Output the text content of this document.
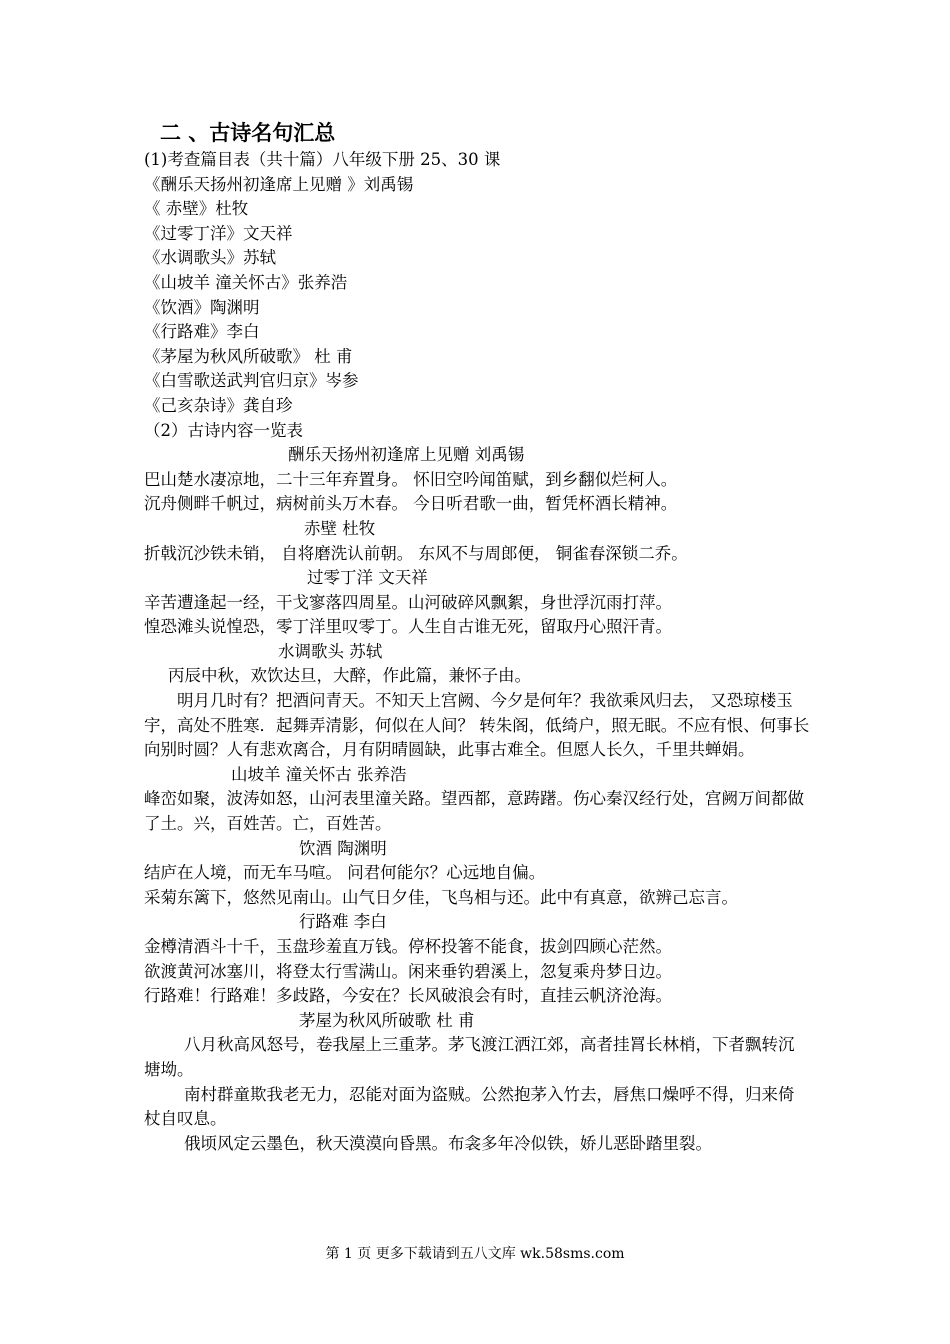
二 、古诗名句汇总

(1)考查篇目表（共十篇）八年级下册 25、30 课

《酬乐天扬州初逢席上见赠 》刘禹锡

《 赤壁》杜牧

《过零丁洋》文天祥

《水调歌头》苏轼

《山坡羊 潼关怀古》张养浩

《饮酒》陶渊明

《行路难》李白

《茅屋为秋风所破歌》 杜 甫

《白雪歌送武判官归京》岑参

《己亥杂诗》龚自珍

（2）古诗内容一览表

酬乐天扬州初逢席上见赠 刘禹锡

巴山楚水凄凉地，二十三年弃置身。 怀旧空吟闻笛赋，到乡翻似烂柯人。

沉舟侧畔千帆过，病树前头万木春。 今日听君歌一曲，暂凭杯酒长精神。

赤壁 杜牧

折戟沉沙铁未销， 自将磨洗认前朝。 东风不与周郎便， 铜雀春深锁二乔。

过零丁洋 文天祥

辛苦遭逢起一经，干戈寥落四周星。山河破碎风飘絮，身世浮沉雨打萍。

惶恐滩头说惶恐，零丁洋里叹零丁。人生自古谁无死，留取丹心照汗青。

水调歌头 苏轼

丙辰中秋，欢饮达旦，大醉，作此篇，兼怀子由。

明月几时有？把酒问青天。不知天上宫阙、今夕是何年？我欲乘风归去， 又恐琼楼玉宇，高处不胜寒．起舞弄清影，何似在人间？ 转朱阁，低绮户，照无眠。不应有恨、何事长向别时圆？人有悲欢离合，月有阴晴圆缺，此事古难全。但愿人长久，千里共蝉娟。

山坡羊 潼关怀古 张养浩

峰峦如聚，波涛如怒，山河表里潼关路。望西都，意踌躇。伤心秦汉经行处，宫阙万间都做了土。兴，百姓苦。亡，百姓苦。

饮酒 陶渊明

结庐在人境，而无车马喧。 问君何能尔？心远地自偏。

采菊东篱下，悠然见南山。山气日夕佳，飞鸟相与还。此中有真意，欲辨己忘言。

行路难 李白

金樽清酒斗十千，玉盘珍羞直万钱。停杯投箸不能食，拔剑四顾心茫然。

欲渡黄河冰塞川，将登太行雪满山。闲来垂钓碧溪上，忽复乘舟梦日边。

行路难！行路难！多歧路，今安在？长风破浪会有时，直挂云帆济沧海。

茅屋为秋风所破歌 杜 甫

八月秋高风怒号，卷我屋上三重茅。茅飞渡江洒江郊，高者挂罥长林梢，下者飘转沉塘坳。

南村群童欺我老无力，忍能对面为盗贼。公然抱茅入竹去，唇焦口燥呼不得，归来倚杖自叹息。

俄顷风定云墨色，秋天漠漠向昏黑。布衾多年冷似铁，娇儿恶卧踏里裂。

第 1 页 更多下载请到五八文库 wk.58sms.com
